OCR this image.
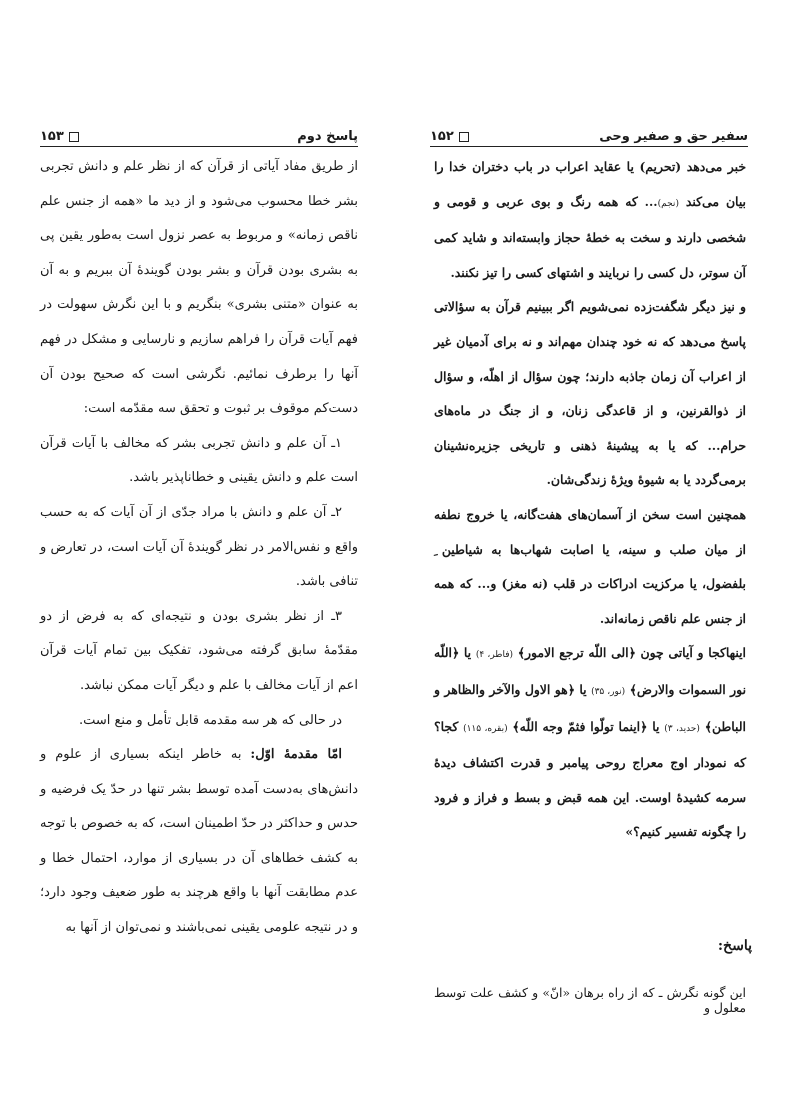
پاسخ دوم
۱۵۳

از طریق مفاد آیاتی از قرآن که از نظر علم و دانش تجربی بشر خطا محسوب می‌شود و از دید ما «همه از جنس علم ناقص زمانه» و مربوط به عصر نزول است به‌طور یقین پی به بشری بودن قرآن و بشر بودن گویندهٔ آن ببریم و به آن به عنوان «متنی بشری» بنگریم و با این نگرش سهولت در فهم آیات قرآن را فراهم سازیم و نارسایی و مشکل در فهم آنها را برطرف نمائیم. نگرشی است که صحیح بودن آن دست‌کم موقوف بر ثبوت و تحقق سه مقدّمه است:

۱ـ آن علم و دانش تجربی بشر که مخالف با آیات قرآن است علم و دانش یقینی و خطاناپذیر باشد.

۲ـ آن علم و دانش با مراد جدّی از آن آیات که به حسب واقع و نفس‌الامر در نظر گویندهٔ آن آیات است، در تعارض و تنافی باشد.

۳ـ از نظر بشری بودن و نتیجه‌ای که به فرض از دو مقدّمهٔ سابق گرفته می‌شود، تفکیک بین تمام آیات قرآن اعم از آیات مخالف با علم و دیگر آیات ممکن نباشد.

در حالی که هر سه مقدمه قابل تأمل و منع است.

امّا مقدمهٔ اوّل: به خاطر اینکه بسیاری از علوم و دانش‌های به‌دست آمده توسط بشر تنها در حدّ یک فرضیه و حدس و حداکثر در حدّ اطمینان است، که به خصوص با توجه به کشف خطاهای آن در بسیاری از موارد، احتمال خطا و عدم مطابقت آنها با واقع هرچند به طور ضعیف وجود دارد؛ و در نتیجه علومی یقینی نمی‌باشند و نمی‌توان از آنها به

سفیر حق و صفیر وحی
۱۵۲

خبر می‌دهد (تحریم) یا عقاید اعراب در باب دختران خدا را بیان می‌کند (نجم)... که همه رنگ و بوی عربی و قومی و شخصی دارند و سخت به خطهٔ حجاز وابسته‌اند و شاید کمی آن سوتر، دل کسی را نربایند و اشتهای کسی را تیز نکنند.

و نیز دیگر شگفت‌زده نمی‌شویم اگر ببینیم قرآن به سؤالاتی پاسخ می‌دهد که نه خود چندان مهم‌اند و نه برای آدمیان غیر از اعراب آن زمان جاذبه دارند؛ چون سؤال از اهلّه، و سؤال از ذوالقرنین، و از قاعدگی زنان، و از جنگ در ماه‌های حرام... که یا به پیشینهٔ ذهنی و تاریخی جزیره‌نشینان برمی‌گردد یا به شیوهٔ ویژهٔ زندگی‌شان.

همچنین است سخن از آسمان‌های هفت‌گانه، یا خروج نطفه از میان صلب و سینه، یا اصابت شهاب‌ها به شیاطین ِ بلفضول، یا مرکزیت ادراکات در قلب (نه مغز) و... که همه از جنس علم ناقص زمانه‌اند.

اینهاکجا و آیاتی چون ﴿الی اللّه ترجع الامور﴾ (فاطر، ۴) یا ﴿اللّه نور السموات والارض﴾ (نور، ۳۵) یا ﴿هو الاول والآخر والظاهر و الباطن﴾ (حدید، ۳) یا ﴿اینما تولّوا فثمّ وجه اللّه﴾ (بقره، ۱۱۵) کجا؟ که نمودار اوج معراج روحی پیامبر و قدرت اکتشاف دیدهٔ سرمه کشیدهٔ اوست. این همه قبض و بسط و فراز و فرود را چگونه تفسیر کنیم؟»

پاسخ:
این گونه نگرش ـ که از راه برهان «انّ» و کشف علت توسط معلول و
